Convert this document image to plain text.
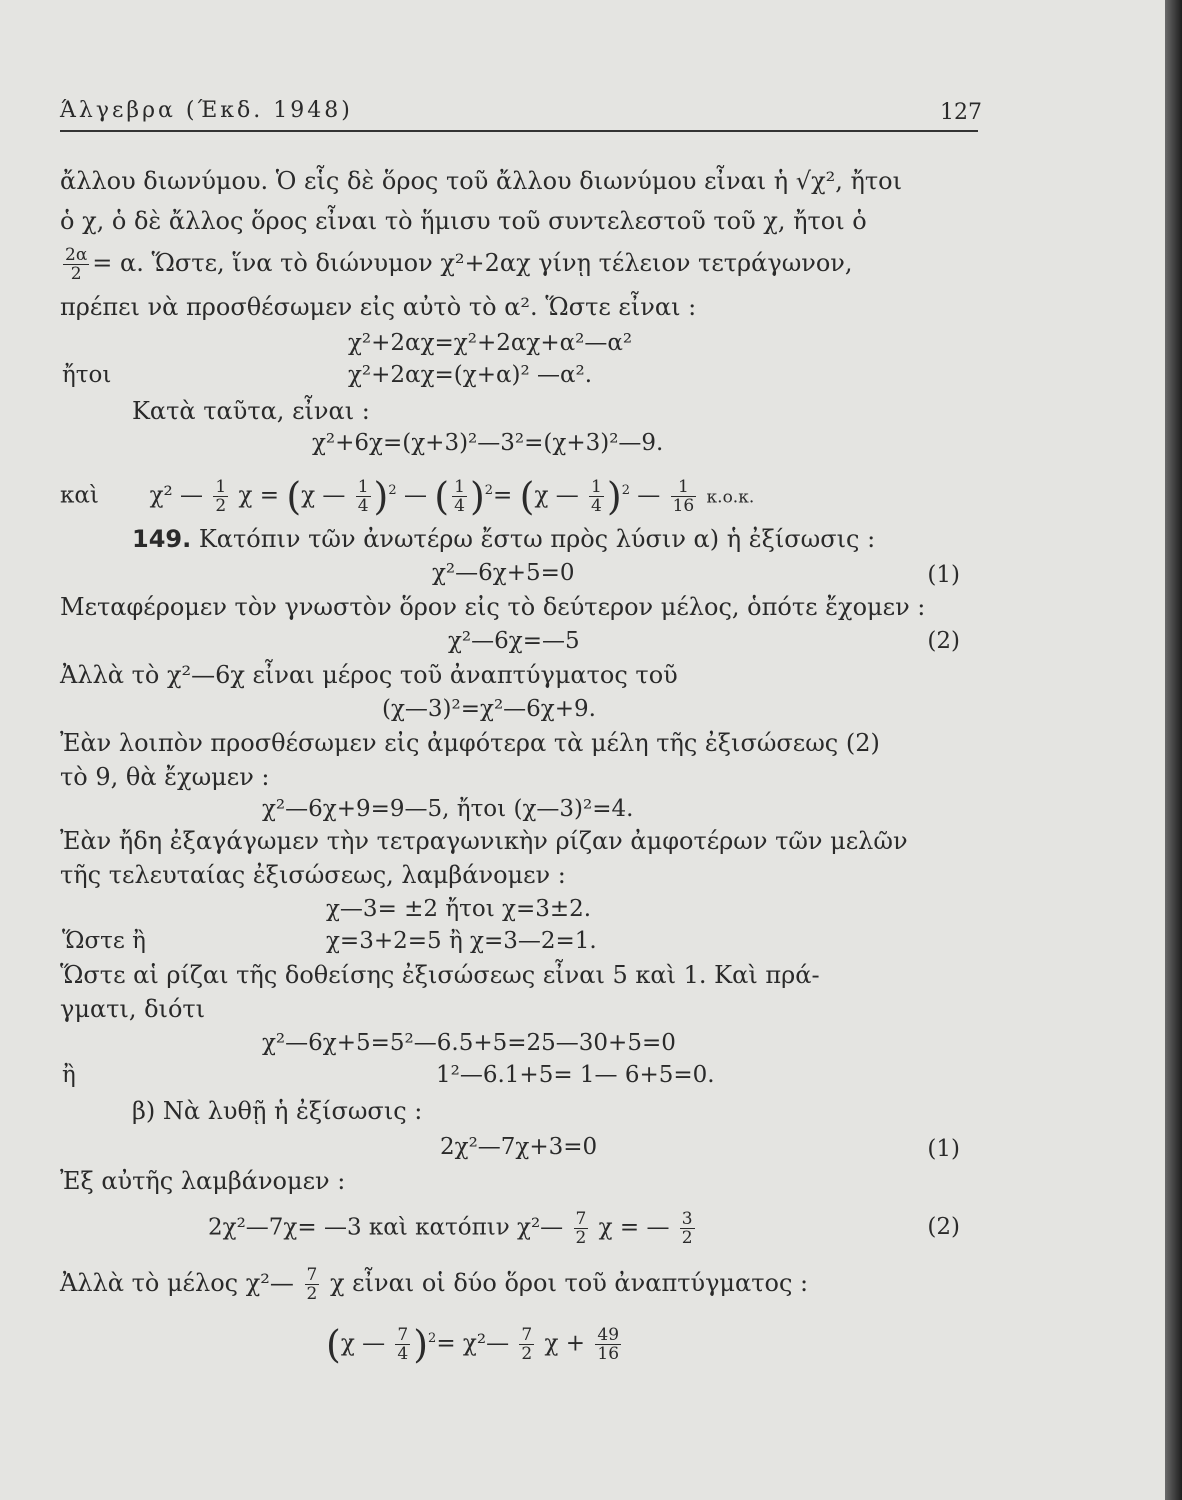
Άλγεβρα (Έκδ. 1948)	127
ἄλλου διωνύμου. Ὁ εἷς δὲ ὅρος τοῦ ἄλλου διωνύμου εἶναι ἡ √χ², ἤτοι
ὁ χ, ὁ δὲ ἄλλος ὅρος εἶναι τὸ ἥμισυ τοῦ συντελεστοῦ τοῦ χ, ἤτοι ὁ
$\frac{2\alpha}{2} = \alpha$. Ὥστε, ἵνα τὸ διώνυμον χ²+2αχ γίνῃ τέλειον τετράγωνον,
πρέπει νὰ προσθέσωμεν εἰς αὐτὸ τὸ α². Ὥστε εἶναι :
χ²+2αχ=χ²+2αχ+α²—α²
ἤτοι	χ²+2αχ=(χ+α)² —α².
Κατὰ ταῦτα, εἶναι :
χ²+6χ=(χ+3)²—3²=(χ+3)²—9.
καὶ χ² — $\frac{1}{2}$ χ = (χ — $\frac{1}{4} )^2$ — ( $\frac{1}{4} )^2= (\chi$ — $\frac{1}{4} )^2$ — $\frac{1}{16} \kappa.o.\kappa$.
149. Κατόπιν τῶν ἀνωτέρω ἔστω πρὸς λύσιν α) ἡ ἐξίσωσις :
χ²—6χ+5=0	(1)
Μεταφέρομεν τὸν γνωστὸν ὅρον εἰς τὸ δεύτερον μέλος, ὁπότε ἔχομεν :
χ²—6χ=—5	(2)
Ἀλλὰ τὸ χ²—6χ εἶναι μέρος τοῦ ἀναπτύγματος τοῦ
(χ—3)²=χ²—6χ+9.
Ἐὰν λοιπὸν προσθέσωμεν εἰς ἀμφότερα τὰ μέλη τῆς ἐξισώσεως (2)
τὸ 9, θὰ ἔχωμεν :
χ²—6χ+9=9—5, ἤτοι (χ—3)²=4.
Ἐὰν ἤδη ἐξαγάγωμεν τὴν τετραγωνικὴν ρίζαν ἀμφοτέρων τῶν μελῶν
τῆς τελευταίας ἐξισώσεως, λαμβάνομεν :
χ—3= ±2 ἤτοι χ=3±2.
Ὥστε ἢ	χ=3+2=5 ἢ χ=3—2=1.
Ὥστε αἱ ρίζαι τῆς δοθείσης ἐξισώσεως εἶναι 5 καὶ 1. Καὶ πρά-
γματι, διότι
χ²—6χ+5=5²—6.5+5=25—30+5=0
ἢ	1²—6.1+5= 1— 6+5=0.
β) Νὰ λυθῇ ἡ ἐξίσωσις :
2χ²—7χ+3=0	(1)
Ἐξ αὐτῆς λαμβάνομεν :
2χ²—7χ= —3 καὶ κατόπιν χ²— $\frac{7}{2}$ χ = — $\frac{3}{2}$	(2)
Ἀλλὰ τὸ μέλος χ²— $\frac{7}{2}$ χ εἶναι οἱ δύο ὅροι τοῦ ἀναπτύγματος :
(χ — $\frac{7}{4} )^2=$ χ²— $\frac{7}{2}$ $\chi + \frac{49}{16}$
